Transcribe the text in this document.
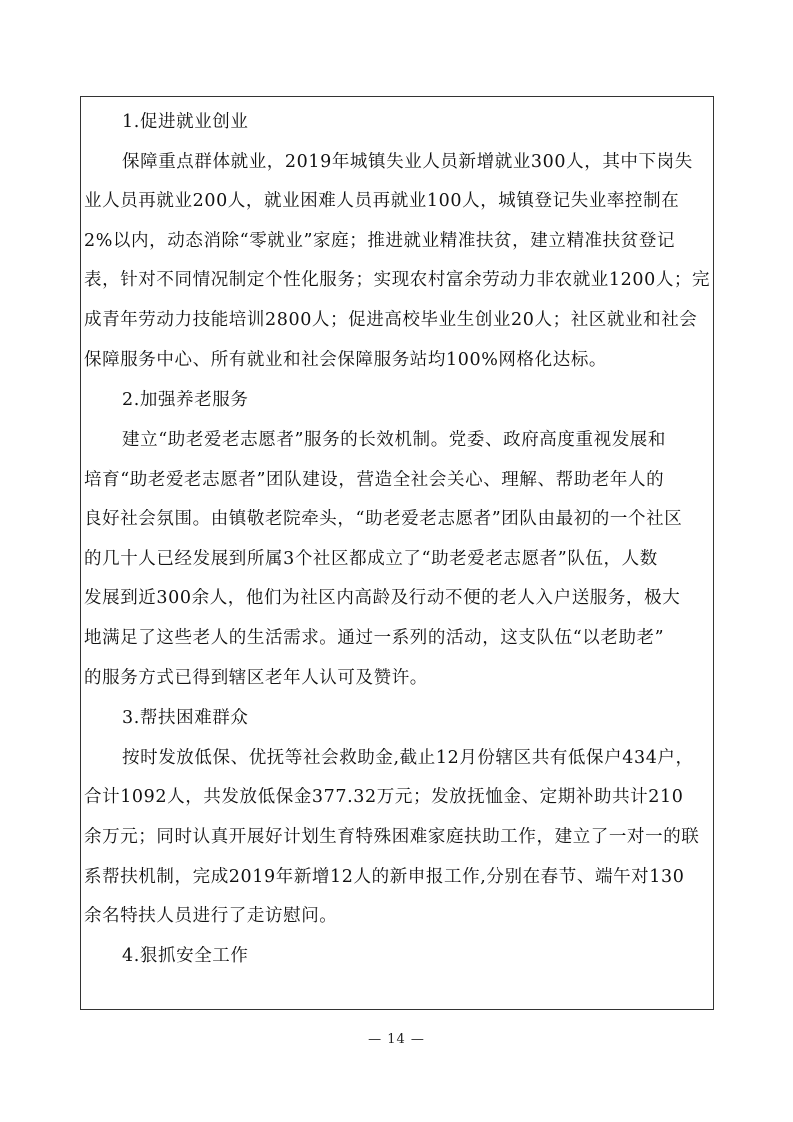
1.促进就业创业
保障重点群体就业，2019年城镇失业人员新增就业300人，其中下岗失
业人员再就业200人，就业困难人员再就业100人，城镇登记失业率控制在
2%以内，动态消除“零就业”家庭；推进就业精准扶贫，建立精准扶贫登记
表，针对不同情况制定个性化服务；实现农村富余劳动力非农就业1200人；完
成青年劳动力技能培训2800人；促进高校毕业生创业20人；社区就业和社会
保障服务中心、所有就业和社会保障服务站均100%网格化达标。
2.加强养老服务
建立“助老爱老志愿者”服务的长效机制。党委、政府高度重视发展和
培育“助老爱老志愿者”团队建设，营造全社会关心、理解、帮助老年人的
良好社会氛围。由镇敬老院牵头，“助老爱老志愿者”团队由最初的一个社区
的几十人已经发展到所属3个社区都成立了“助老爱老志愿者”队伍，人数
发展到近300余人，他们为社区内高龄及行动不便的老人入户送服务，极大
地满足了这些老人的生活需求。通过一系列的活动，这支队伍“以老助老”
的服务方式已得到辖区老年人认可及赞许。
3.帮扶困难群众
按时发放低保、优抚等社会救助金,截止12月份辖区共有低保户434户，
合计1092人，共发放低保金377.32万元；发放抚恤金、定期补助共计210
余万元；同时认真开展好计划生育特殊困难家庭扶助工作，建立了一对一的联
系帮扶机制，完成2019年新增12人的新申报工作,分别在春节、端午对130
余名特扶人员进行了走访慰问。
4.狠抓安全工作
— 14 —
